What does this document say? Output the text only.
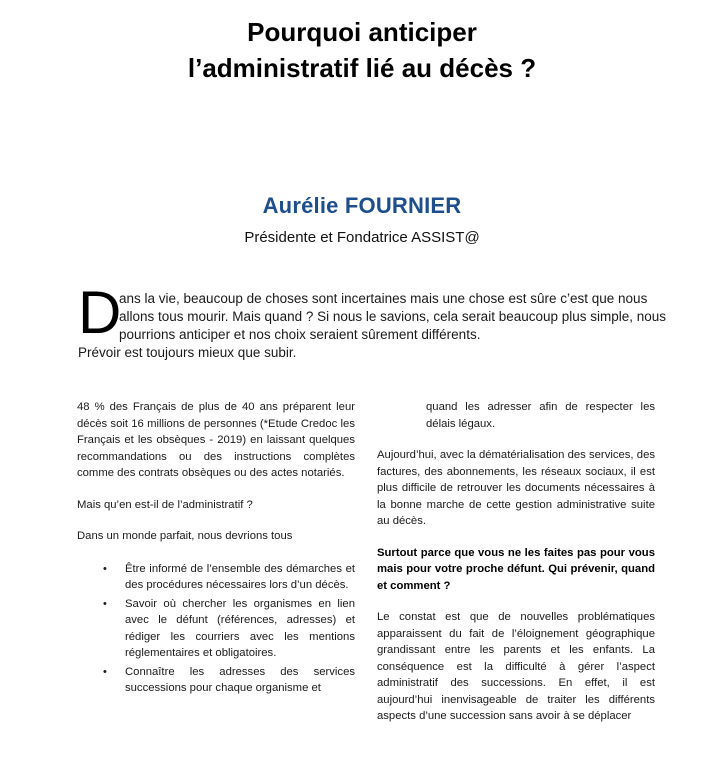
Pourquoi anticiper
l’administratif lié au décès ?
Aurélie FOURNIER
Présidente et Fondatrice ASSIST@
D
ans la vie, beaucoup de choses sont incertaines mais une chose est sûre c’est que nous
allons tous mourir. Mais quand ? Si nous le savions, cela serait beaucoup plus simple, nous
pourrions anticiper et nos choix seraient sûrement différents.
Prévoir est toujours mieux que subir.

48 % des Français de plus de 40 ans préparent leur décès soit 16 millions de personnes (*Etude Credoc les Français et les obsèques - 2019) en laissant quelques recommandations ou des instructions complètes comme des contrats obsèques ou des actes notariés.

Mais qu’en est-il de l’administratif ?

Dans un monde parfait, nous devrions tous

• Être informé de l’ensemble des démarches et des procédures nécessaires lors d’un décès.
• Savoir où chercher les organismes en lien avec le défunt (références, adresses) et rédiger les courriers avec les mentions réglementaires et obligatoires.
• Connaître les adresses des services successions pour chaque organisme et

quand les adresser afin de respecter les délais légaux.

Aujourd’hui, avec la dématérialisation des services, des factures, des abonnements, les réseaux sociaux, il est plus difficile de retrouver les documents nécessaires à la bonne marche de cette gestion administrative suite au décès.

Surtout parce que vous ne les faites pas pour vous mais pour votre proche défunt. Qui prévenir, quand et comment ?

Le constat est que de nouvelles problématiques apparaissent du fait de l’éloignement géographique grandissant entre les parents et les enfants. La conséquence est la difficulté à gérer l’aspect administratif des successions. En effet, il est aujourd’hui inenvisageable de traiter les différents aspects d’une succession sans avoir à se déplacer
